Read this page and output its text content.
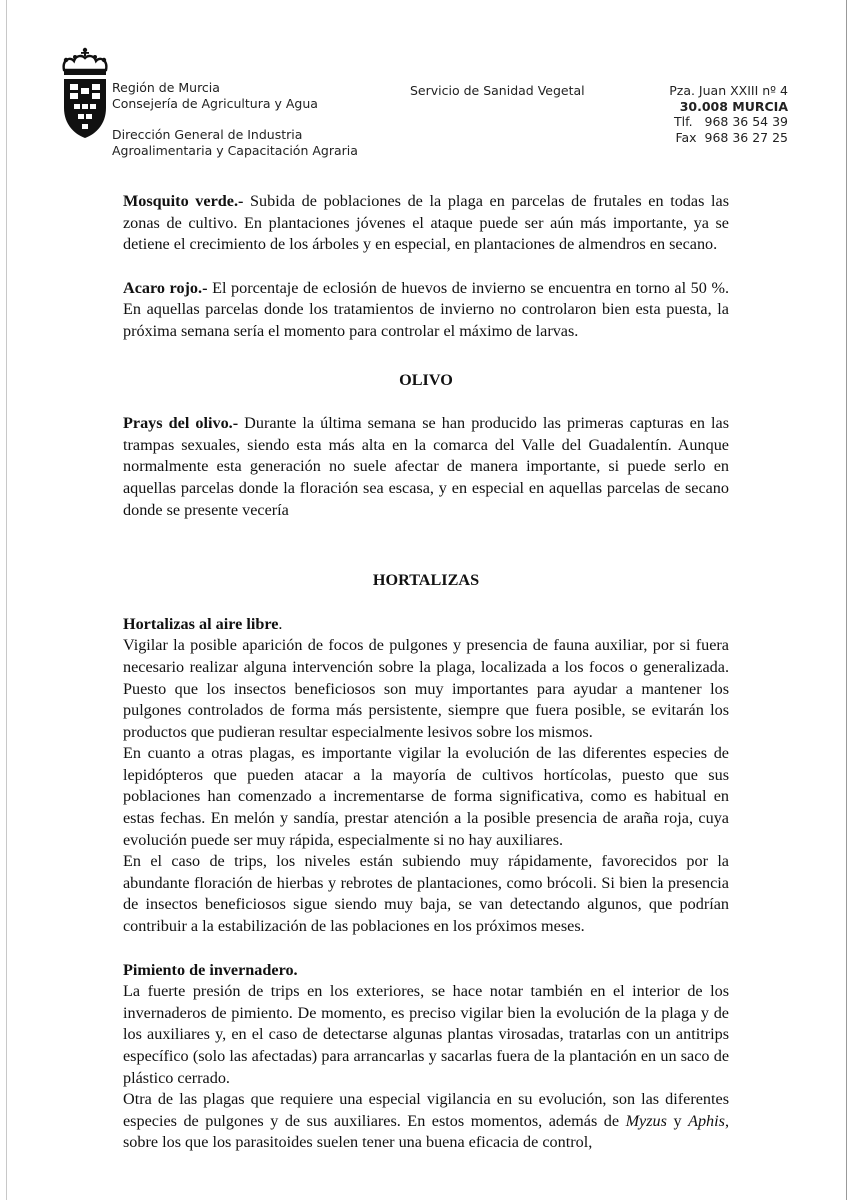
Región de Murcia
Consejería de Agricultura y Agua
Dirección General de Industria
Agroalimentaria y Capacitación Agraria
Servicio de Sanidad Vegetal	Pza. Juan XXIII nº 4
30.008 MURCIA
Tlf.   968 36 54 39
Fax  968 36 27 25

Mosquito verde.- Subida de poblaciones de la plaga en parcelas de frutales en todas las zonas de cultivo. En plantaciones jóvenes el ataque puede ser aún más importante, ya se detiene el crecimiento de los árboles y en especial, en plantaciones de almendros en secano.

Acaro rojo.- El porcentaje de eclosión de huevos de invierno se encuentra en torno al 50 %. En aquellas parcelas donde los tratamientos de invierno no controlaron bien esta puesta, la próxima semana sería el momento para controlar el máximo de larvas.

OLIVO

Prays del olivo.- Durante la última semana se han producido las primeras capturas en las trampas sexuales, siendo esta más alta en la comarca del Valle del Guadalentín. Aunque normalmente esta generación no suele afectar de manera importante, si puede serlo en aquellas parcelas donde la floración sea escasa, y en especial en aquellas parcelas de secano donde se presente vecería

HORTALIZAS

Hortalizas al aire libre.

Vigilar la posible aparición de focos de pulgones y presencia de fauna auxiliar, por si fuera necesario realizar alguna intervención sobre la plaga, localizada a los focos o generalizada. Puesto que los insectos beneficiosos son muy importantes para ayudar a mantener los pulgones controlados de forma más persistente, siempre que fuera posible, se evitarán los productos que pudieran resultar especialmente lesivos sobre los mismos.

En cuanto a otras plagas, es importante vigilar la evolución de las diferentes especies de lepidópteros que pueden atacar a la mayoría de cultivos hortícolas, puesto que sus poblaciones han comenzado a incrementarse de forma significativa, como es habitual en estas fechas. En melón y sandía, prestar atención a la posible presencia de araña roja, cuya evolución puede ser muy rápida, especialmente si no hay auxiliares.

En el caso de trips, los niveles están subiendo muy rápidamente, favorecidos por la abundante floración de hierbas y rebrotes de plantaciones, como brócoli. Si bien la presencia de insectos beneficiosos sigue siendo muy baja, se van detectando algunos, que podrían contribuir a la estabilización de las poblaciones en los próximos meses.

Pimiento de invernadero.

La fuerte presión de trips en los exteriores, se hace notar también en el interior de los invernaderos de pimiento. De momento, es preciso vigilar bien la evolución de la plaga y de los auxiliares y, en el caso de detectarse algunas plantas virosadas, tratarlas con un antitrips específico (solo las afectadas) para arrancarlas y sacarlas fuera de la plantación en un saco de plástico cerrado.

Otra de las plagas que requiere una especial vigilancia en su evolución, son las diferentes especies de pulgones y de sus auxiliares. En estos momentos, además de Myzus y Aphis, sobre los que los parasitoides suelen tener una buena eficacia de control,
